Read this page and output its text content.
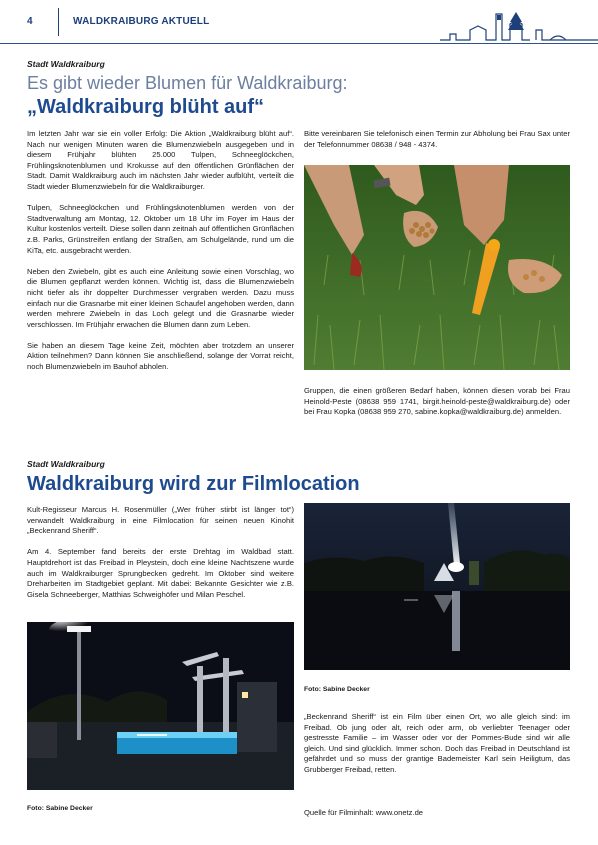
4	WALDKRAIBURG AKTUELL
Stadt Waldkraiburg
Es gibt wieder Blumen für Waldkraiburg:
„Waldkraiburg blüht auf“

Im letzten Jahr war sie ein voller Erfolg: Die Aktion „Waldkraiburg blüht auf“. Nach nur wenigen Minuten waren die Blumenzwiebeln ausgegeben und in diesem Frühjahr blühten 25.000 Tulpen, Schneeglöckchen, Frühlingsknotenblumen und Krokusse auf den öffentlichen Grünflächen der Stadt. Damit Waldkraiburg auch im nächsten Jahr wieder aufblüht, verteilt die Stadt wieder Blumenzwiebeln für die Waldkraiburger.

Tulpen, Schneeglöckchen und Frühlingsknotenblumen werden von der Stadtverwaltung am Montag, 12. Oktober um 18 Uhr im Foyer im Haus der Kultur kostenlos verteilt. Diese sollen dann zeitnah auf öffentlichen Grünflächen z.B. Parks, Grünstreifen entlang der Straßen, am Schulgelände, rund um die KiTa, etc. ausgebracht werden.

Neben den Zwiebeln, gibt es auch eine Anleitung sowie einen Vorschlag, wo die Blumen gepflanzt werden können. Wichtig ist, dass die Blumenzwiebeln nicht tiefer als ihr doppelter Durchmesser vergraben werden. Dazu muss einfach nur die Grasnarbe mit einer kleinen Schaufel angehoben werden, dann werden mehrere Zwiebeln in das Loch gelegt und die Grasnarbe wieder verschlossen. Im Frühjahr erwachen die Blumen dann zum Leben.

Sie haben an diesem Tage keine Zeit, möchten aber trotzdem an unserer Aktion teilnehmen? Dann können Sie anschließend, solange der Vorrat reicht, noch Blumenzwiebeln im Bauhof abholen.

Bitte vereinbaren Sie telefonisch einen Termin zur Abholung bei Frau Sax unter der Telefonnummer 08638 / 948 - 4374.
Gruppen, die einen größeren Bedarf haben, können diesen vorab bei Frau Heinold-Peste (08638 959 1741, birgit.heinold-peste@waldkraiburg.de) oder bei Frau Kopka (08638 959 270, sabine.kopka@waldkraiburg.de) anmelden.
Stadt Waldkraiburg
Waldkraiburg wird zur Filmlocation

Kult-Regisseur Marcus H. Rosenmüller („Wer früher stirbt ist länger tot“) verwandelt Waldkraiburg in eine Filmlocation für seinen neuen Kinohit „Beckenrand Sheriff“.

Am 4. September fand bereits der erste Drehtag im Waldbad statt. Hauptdrehort ist das Freibad in Pleystein, doch eine kleine Nachtszene wurde auch im Waldkraiburger Sprungbecken gedreht. Im Oktober sind weitere Dreharbeiten im Stadtgebiet geplant. Mit dabei: Bekannte Gesichter wie z.B. Gisela Schneeberger, Matthias Schweighöfer und Milan Peschel.

Foto: Sabine Decker
Foto: Sabine Decker
„Beckenrand Sheriff“ ist ein Film über einen Ort, wo alle gleich sind: im Freibad. Ob jung oder alt, reich oder arm, ob verliebter Teenager oder gestresste Familie – im Wasser oder vor der Pommes-Bude sind wir alle gleich. Und sind glücklich. Immer schon. Doch das Freibad in Deutschland ist gefährdet und so muss der grantige Bademeister Karl sein Heiligtum, das Grubberger Freibad, retten.
Quelle für Filminhalt: www.onetz.de
